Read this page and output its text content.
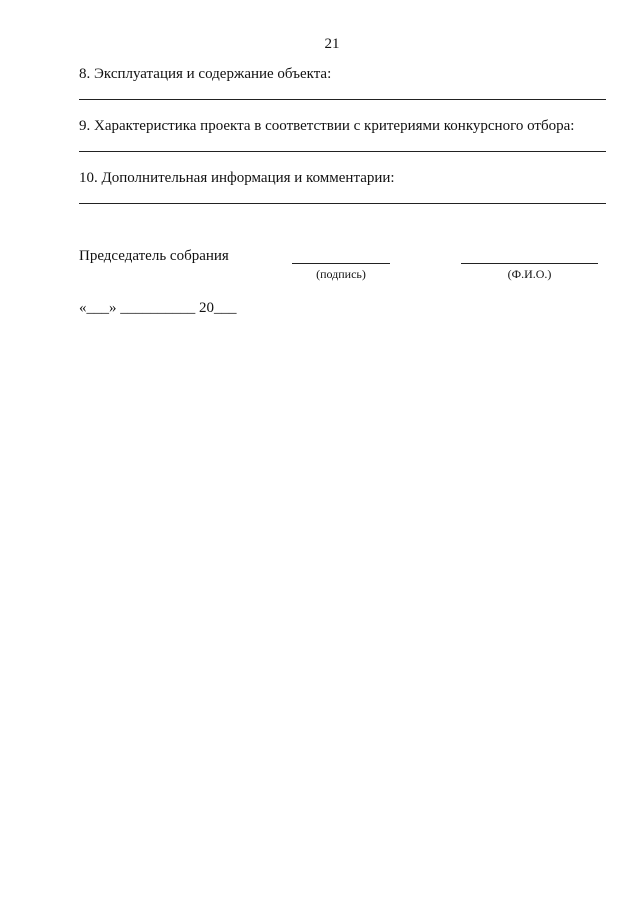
21
8. Эксплуатация и содержание объекта:
9. Характеристика проекта в соответствии с критериями конкурсного отбора:
10. Дополнительная информация и комментарии:
Председатель собрания
(подпись)	(Ф.И.О.)
«___» __________ 20___
